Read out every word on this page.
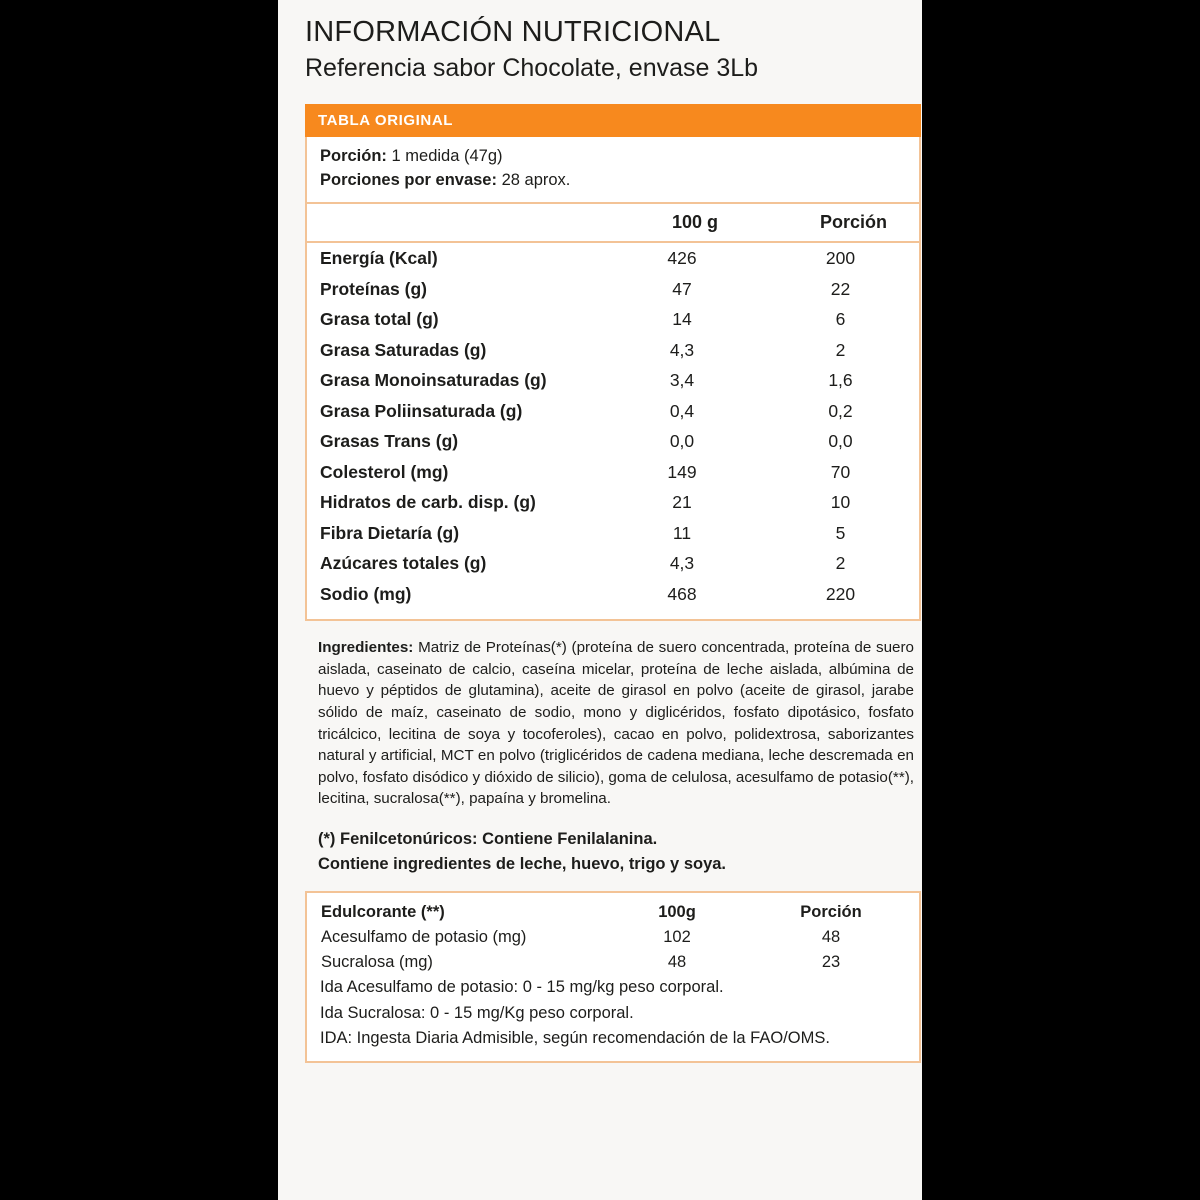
INFORMACIÓN NUTRICIONAL
Referencia sabor Chocolate, envase 3Lb
TABLA ORIGINAL
Porción: 1 medida (47g)
Porciones por envase: 28 aprox.
	100 g	Porción
Energía (Kcal)	426	200
Proteínas (g)	47	22
Grasa total (g)	14	6
Grasa Saturadas (g)	4,3	2
Grasa Monoinsaturadas (g)	3,4	1,6
Grasa Poliinsaturada (g)	0,4	0,2
Grasas Trans (g)	0,0	0,0
Colesterol (mg)	149	70
Hidratos de carb. disp. (g)	21	10
Fibra Dietaría (g)	11	5
Azúcares totales (g)	4,3	2
Sodio (mg)	468	220
Ingredientes: Matriz de Proteínas(*) (proteína de suero concentrada, proteína de suero aislada, caseinato de calcio, caseína micelar, proteína de leche aislada, albúmina de huevo y péptidos de glutamina), aceite de girasol en polvo (aceite de girasol, jarabe sólido de maíz, caseinato de sodio, mono y diglicéridos, fosfato dipotásico, fosfato tricálcico, lecitina de soya y tocoferoles), cacao en polvo, polidextrosa, saborizantes natural y artificial, MCT en polvo (triglicéridos de cadena mediana, leche descremada en polvo, fosfato disódico y dióxido de silicio), goma de celulosa, acesulfamo de potasio(**), lecitina, sucralosa(**), papaína y bromelina.
(*) Fenilcetonúricos: Contiene Fenilalanina.
Contiene ingredientes de leche, huevo, trigo y soya.
Edulcorante (**)	100g	Porción
Acesulfamo de potasio (mg)	102	48
Sucralosa (mg)	48	23
Ida Acesulfamo de potasio: 0 - 15 mg/kg peso corporal.
Ida Sucralosa: 0 - 15 mg/Kg peso corporal.
IDA: Ingesta Diaria Admisible, según recomendación de la FAO/OMS.
